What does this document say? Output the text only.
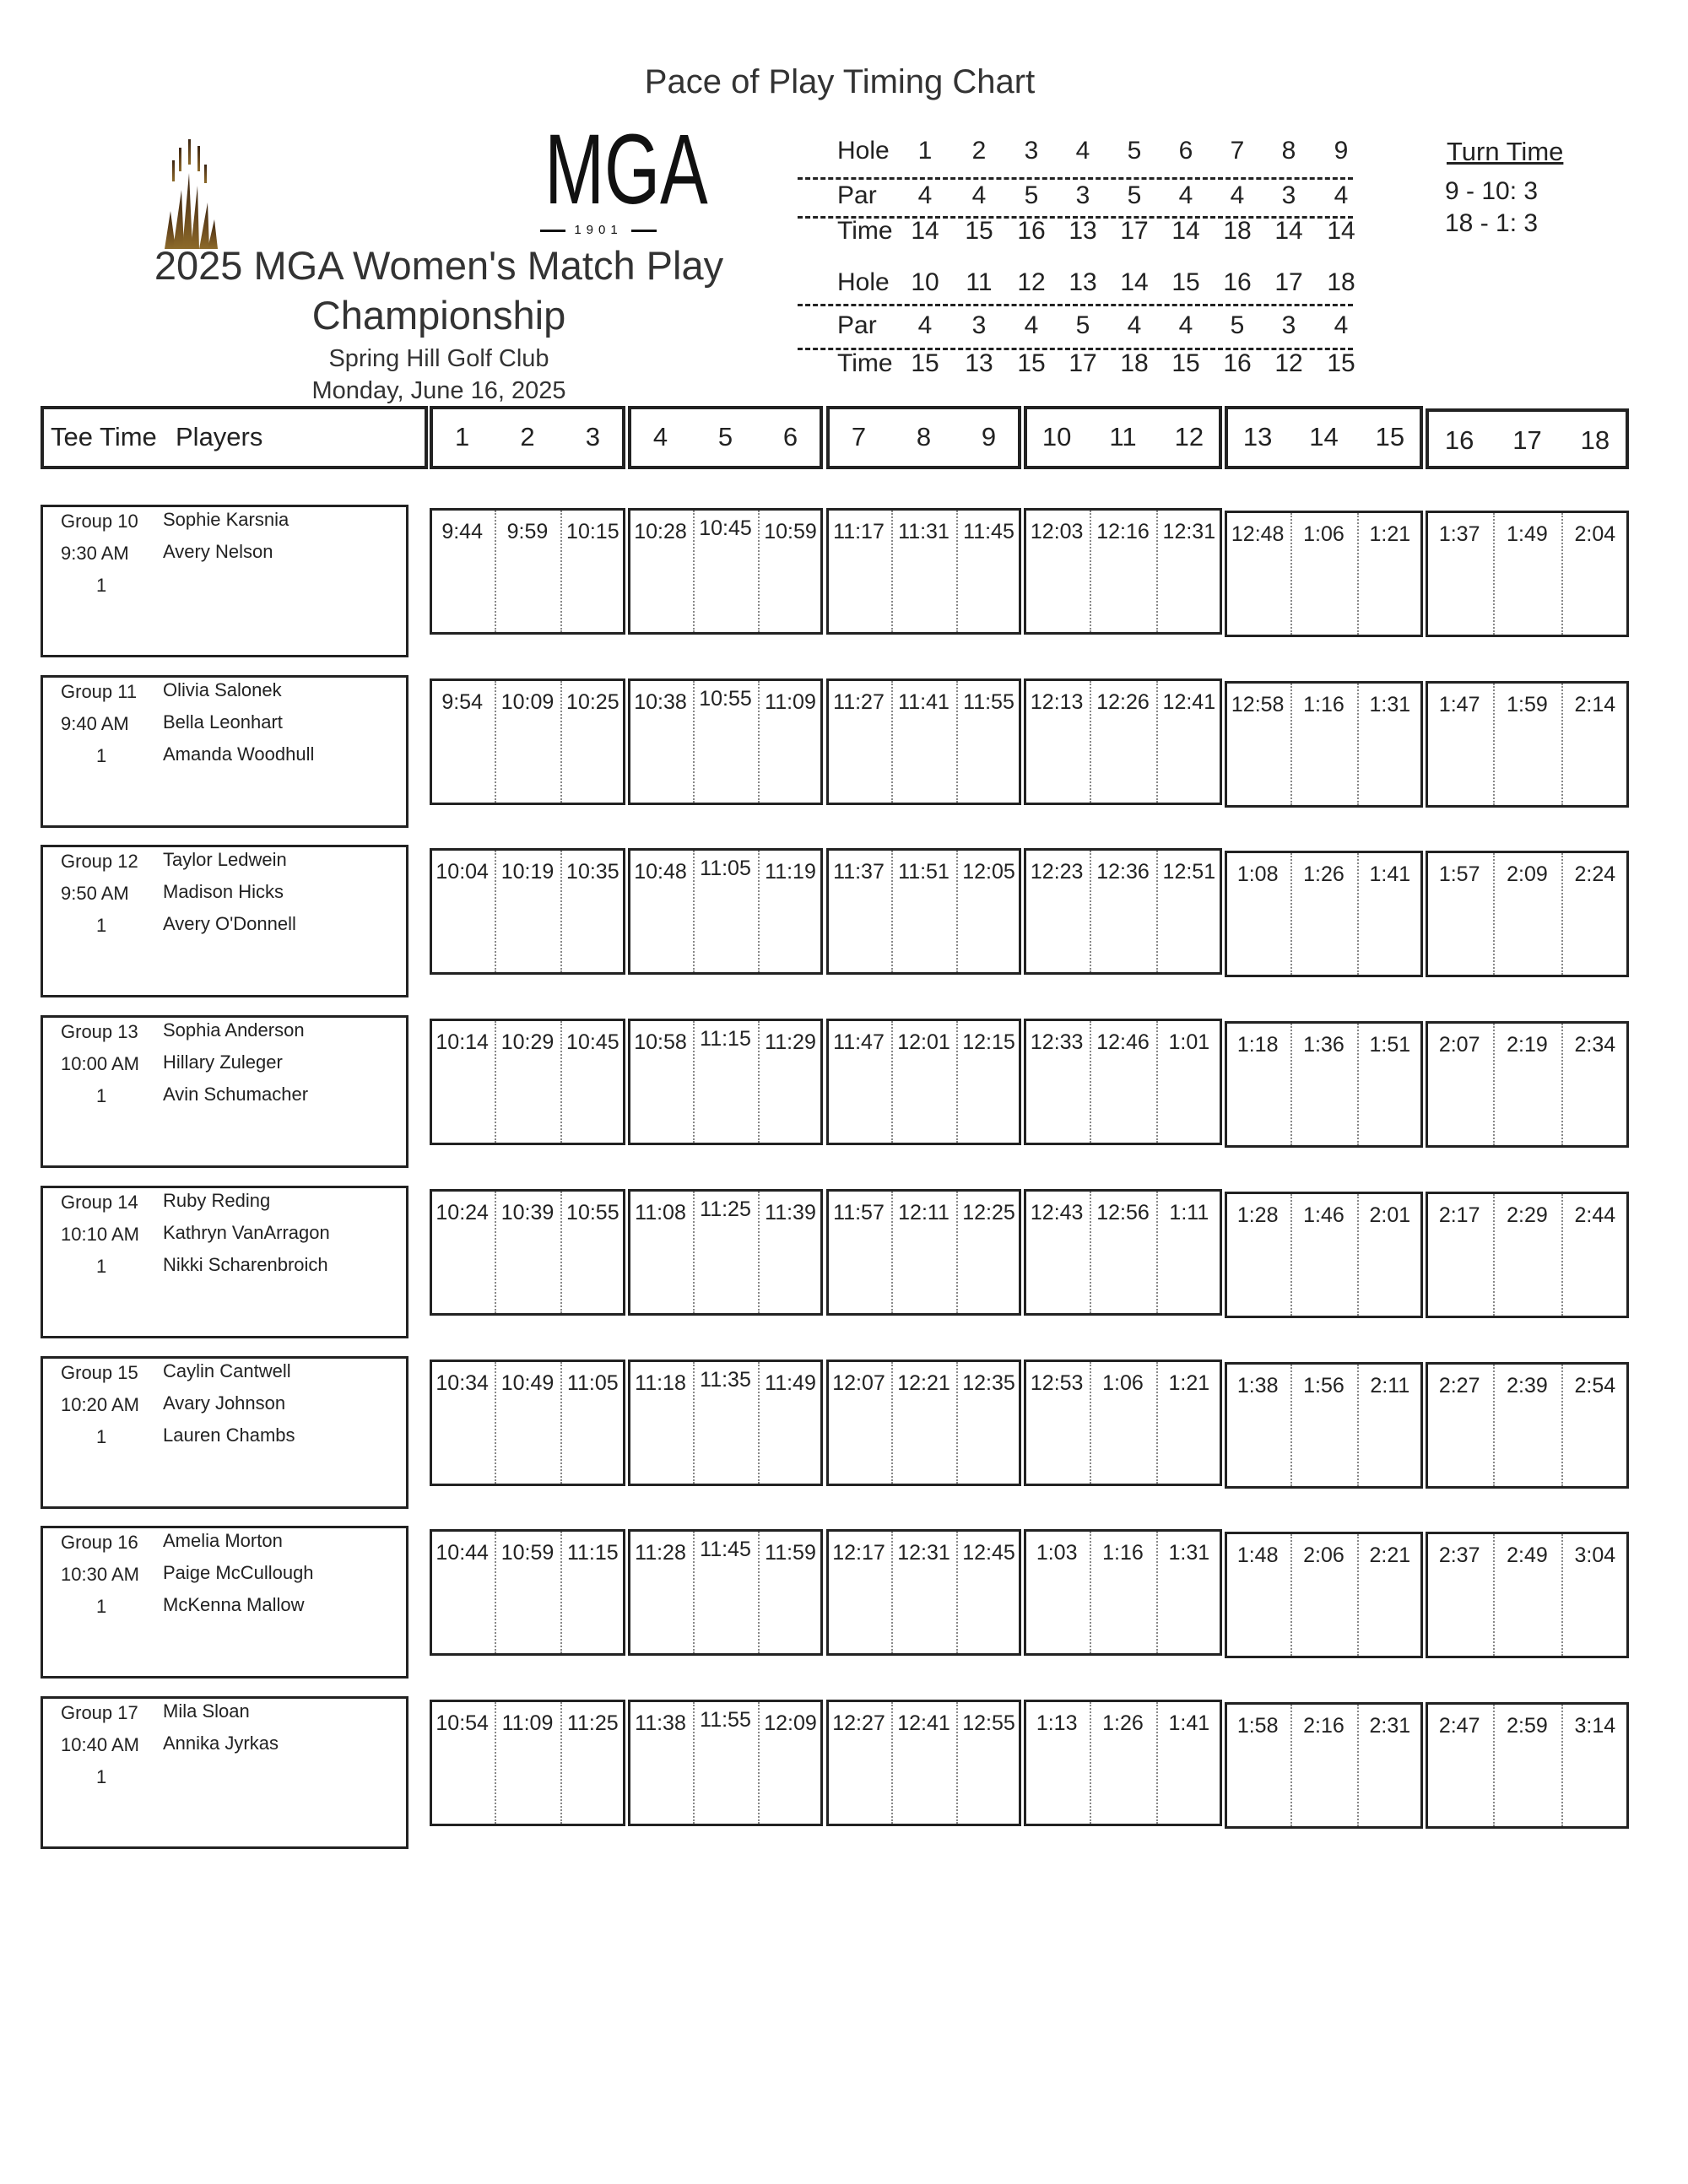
Pace of Play Timing Chart
MGA
1901
2025 MGA Women's Match Play
Championship
Spring Hill Golf Club
Monday, June 16, 2025
Hole	1	2	3	4	5	6	7	8	9
Par	4	4	5	3	5	4	4	3	4
Time 14	15 16 13 17 14 18 14 14
Hole 10	11 12 13 14 15 16 17 18
Par	4	3	4	5	4	4	5	3	4
Time 15	13 15 17 18 15 16 12 15
Turn Time
9 - 10: 3
18 - 1: 3
Tee Time Players	1	2	3	4	5	6	7	8	9	10	11	12	13	14	15	16	17	18
Group 10
9:30 AM
1
Sophie Karsnia
Avery Nelson
9:44	9:59 10:15 10:28 10:45 10:59 11:17 11:31 11:45 12:03 12:16 12:31 12:48 1:06	1:21	1:37	1:49	2:04
Group 11
9:40 AM
1
Olivia Salonek
Bella Leonhart
Amanda Woodhull
9:54 10:09 10:25 10:38 10:55 11:09 11:27 11:41 11:55 12:13 12:26 12:41 12:58 1:16	1:31	1:47	1:59	2:14
Group 12
9:50 AM
1
Taylor Ledwein
Madison Hicks
Avery O'Donnell
10:04 10:19 10:35 10:48 11:05 11:19 11:37 11:51 12:05 12:23 12:36 12:51	1:08	1:26	1:41	1:57	2:09	2:24
Group 13
10:00 AM
1
Sophia Anderson
Hillary Zuleger
Avin Schumacher
10:14 10:29 10:45 10:58 11:15 11:29 11:47 12:01 12:15 12:33 12:46 1:01	1:18	1:36	1:51	2:07	2:19	2:34
Group 14
10:10 AM
1
Ruby Reding
Kathryn VanArragon
Nikki Scharenbroich
10:24 10:39 10:55 11:08 11:25 11:39 11:57 12:11 12:25 12:43 12:56 1:11	1:28	1:46	2:01	2:17	2:29	2:44
Group 15
10:20 AM
1
Caylin Cantwell
Avary Johnson
Lauren Chambs
10:34 10:49 11:05 11:18 11:35 11:49 12:07 12:21 12:35 12:53 1:06	1:21	1:38	1:56	2:11	2:27	2:39	2:54
Group 16
10:30 AM
1
Amelia Morton
Paige McCullough
McKenna Mallow
10:44 10:59 11:15 11:28 11:45 11:59 12:17 12:31 12:45	1:03	1:16	1:31	1:48	2:06	2:21	2:37	2:49	3:04
Group 17
10:40 AM
1
Mila Sloan
Annika Jyrkas
10:54 11:09 11:25 11:38 11:55 12:09 12:27 12:41 12:55	1:13	1:26	1:41	1:58	2:16	2:31	2:47	2:59	3:14
